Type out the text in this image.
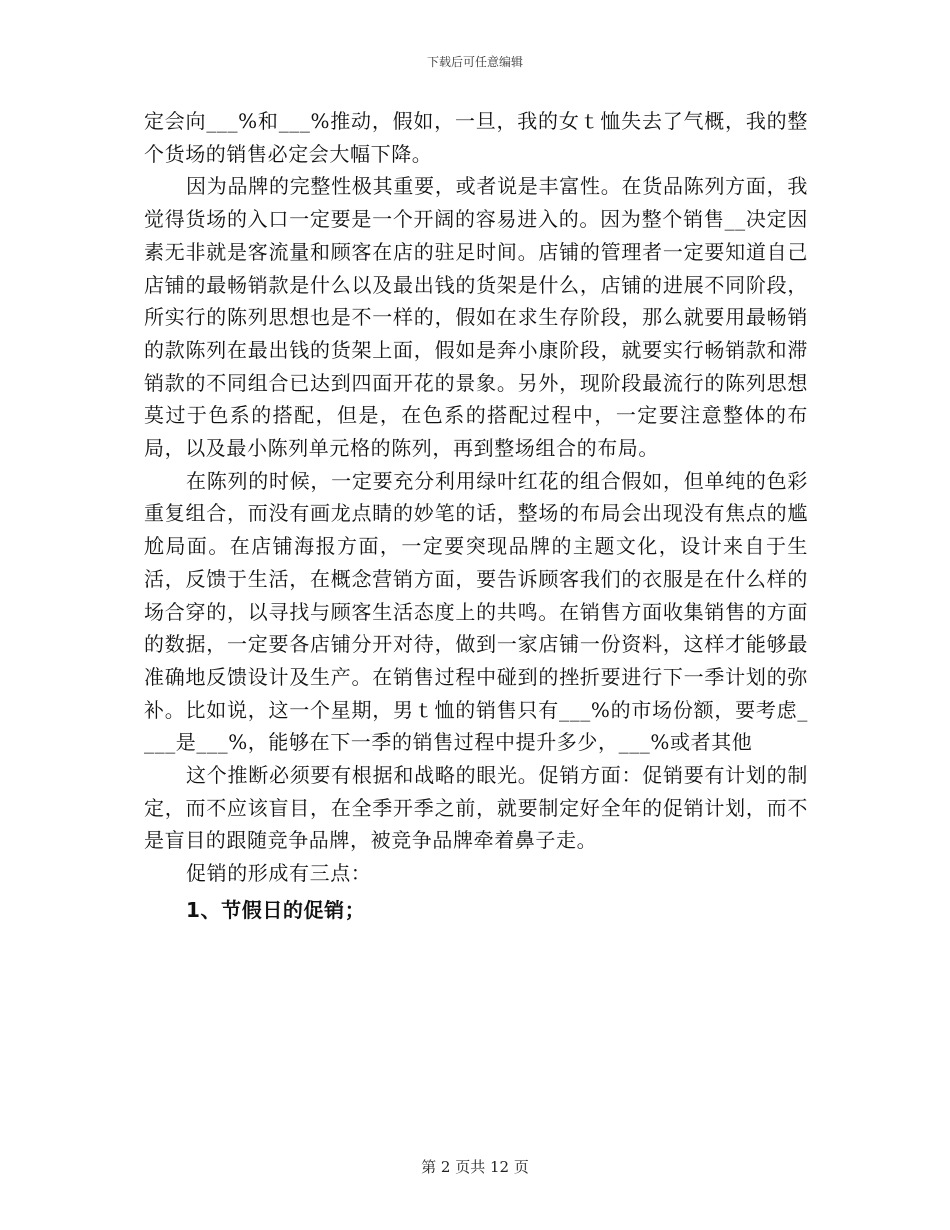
下载后可任意编辑

定会向___%和___%推动，假如，一旦，我的女ｔ恤失去了气概，我的整个货场的销售必定会大幅下降。

因为品牌的完整性极其重要，或者说是丰富性。在货品陈列方面，我觉得货场的入口一定要是一个开阔的容易进入的。因为整个销售__决定因素无非就是客流量和顾客在店的驻足时间。店铺的管理者一定要知道自己店铺的最畅销款是什么以及最出钱的货架是什么，店铺的进展不同阶段，所实行的陈列思想也是不一样的，假如在求生存阶段，那么就要用最畅销的款陈列在最出钱的货架上面，假如是奔小康阶段，就要实行畅销款和滞销款的不同组合已达到四面开花的景象。另外，现阶段最流行的陈列思想莫过于色系的搭配，但是，在色系的搭配过程中，一定要注意整体的布局，以及最小陈列单元格的陈列，再到整场组合的布局。

在陈列的时候，一定要充分利用绿叶红花的组合假如，但单纯的色彩重复组合，而没有画龙点睛的妙笔的话，整场的布局会出现没有焦点的尴尬局面。在店铺海报方面，一定要突现品牌的主题文化，设计来自于生活，反馈于生活，在概念营销方面，要告诉顾客我们的衣服是在什么样的场合穿的，以寻找与顾客生活态度上的共鸣。在销售方面收集销售的方面的数据，一定要各店铺分开对待，做到一家店铺一份资料，这样才能够最准确地反馈设计及生产。在销售过程中碰到的挫折要进行下一季计划的弥补。比如说，这一个星期，男ｔ恤的销售只有___%的市场份额，要考虑____是___%，能够在下一季的销售过程中提升多少，___%或者其他

这个推断必须要有根据和战略的眼光。促销方面：促销要有计划的制定，而不应该盲目，在全季开季之前，就要制定好全年的促销计划，而不是盲目的跟随竞争品牌，被竞争品牌牵着鼻子走。

促销的形成有三点：

1、节假日的促销；

第 2 页共 12 页
